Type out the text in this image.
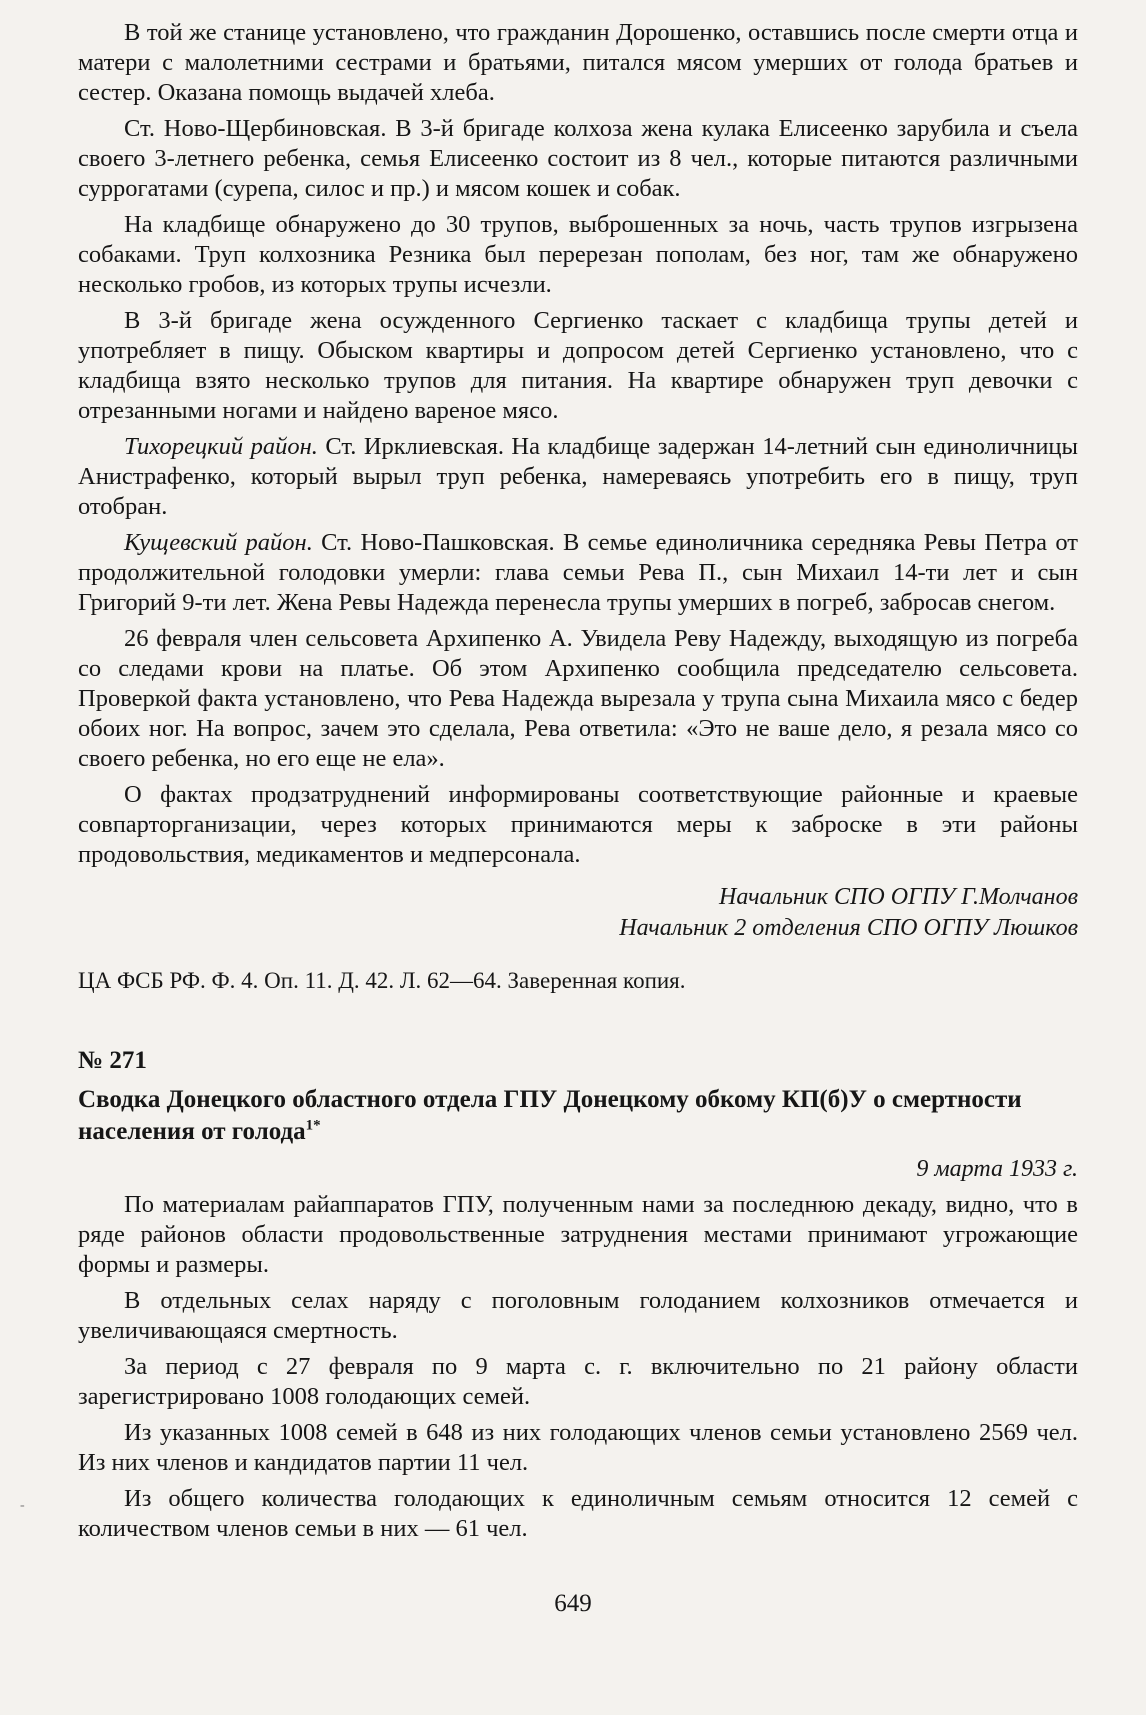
В той же станице установлено, что гражданин Дорошенко, оставшись после смерти отца и матери с малолетними сестрами и братьями, питался мясом умерших от голода братьев и сестер. Оказана помощь выдачей хлеба.

Ст. Ново-Щербиновская. В 3-й бригаде колхоза жена кулака Елисеенко зарубила и съела своего 3-летнего ребенка, семья Елисеенко состоит из 8 чел., которые питаются различными суррогатами (сурепа, силос и пр.) и мясом кошек и собак.

На кладбище обнаружено до 30 трупов, выброшенных за ночь, часть трупов изгрызена собаками. Труп колхозника Резника был перерезан пополам, без ног, там же обнаружено несколько гробов, из которых трупы исчезли.

В 3-й бригаде жена осужденного Сергиенко таскает с кладбища трупы детей и употребляет в пищу. Обыском квартиры и допросом детей Сергиенко установлено, что с кладбища взято несколько трупов для питания. На квартире обнаружен труп девочки с отрезанными ногами и найдено вареное мясо.

Тихорецкий район. Ст. Ирклиевская. На кладбище задержан 14-летний сын единоличницы Анистрафенко, который вырыл труп ребенка, намереваясь употребить его в пищу, труп отобран.

Кущевский район. Ст. Ново-Пашковская. В семье единоличника середняка Ревы Петра от продолжительной голодовки умерли: глава семьи Рева П., сын Михаил 14-ти лет и сын Григорий 9-ти лет. Жена Ревы Надежда перенесла трупы умерших в погреб, забросав снегом.

26 февраля член сельсовета Архипенко А. Увидела Реву Надежду, выходящую из погреба со следами крови на платье. Об этом Архипенко сообщила председателю сельсовета. Проверкой факта установлено, что Рева Надежда вырезала у трупа сына Михаила мясо с бедер обоих ног. На вопрос, зачем это сделала, Рева ответила: «Это не ваше дело, я резала мясо со своего ребенка, но его еще не ела».

О фактах продзатруднений информированы соответствующие районные и краевые совпарторганизации, через которых принимаются меры к заброске в эти районы продовольствия, медикаментов и медперсонала.

Начальник СПО ОГПУ Г.Молчанов

Начальник 2 отделения СПО ОГПУ Люшков

ЦА ФСБ РФ. Ф. 4. Оп. 11. Д. 42. Л. 62—64. Заверенная копия.

№ 271

Сводка Донецкого областного отдела ГПУ Донецкому обкому КП(б)У о смертности населения от голода$^{1*}$

9 марта 1933 г.

По материалам райаппаратов ГПУ, полученным нами за последнюю декаду, видно, что в ряде районов области продовольственные затруднения местами принимают угрожающие формы и размеры.

В отдельных селах наряду с поголовным голоданием колхозников отмечается и увеличивающаяся смертность.

За период с 27 февраля по 9 марта с. г. включительно по 21 району области зарегистрировано 1008 голодающих семей.

Из указанных 1008 семей в 648 из них голодающих членов семьи установлено 2569 чел. Из них членов и кандидатов партии 11 чел.

Из общего количества голодающих к единоличным семьям относится 12 семей с количеством членов семьи в них — 61 чел.

-
649
